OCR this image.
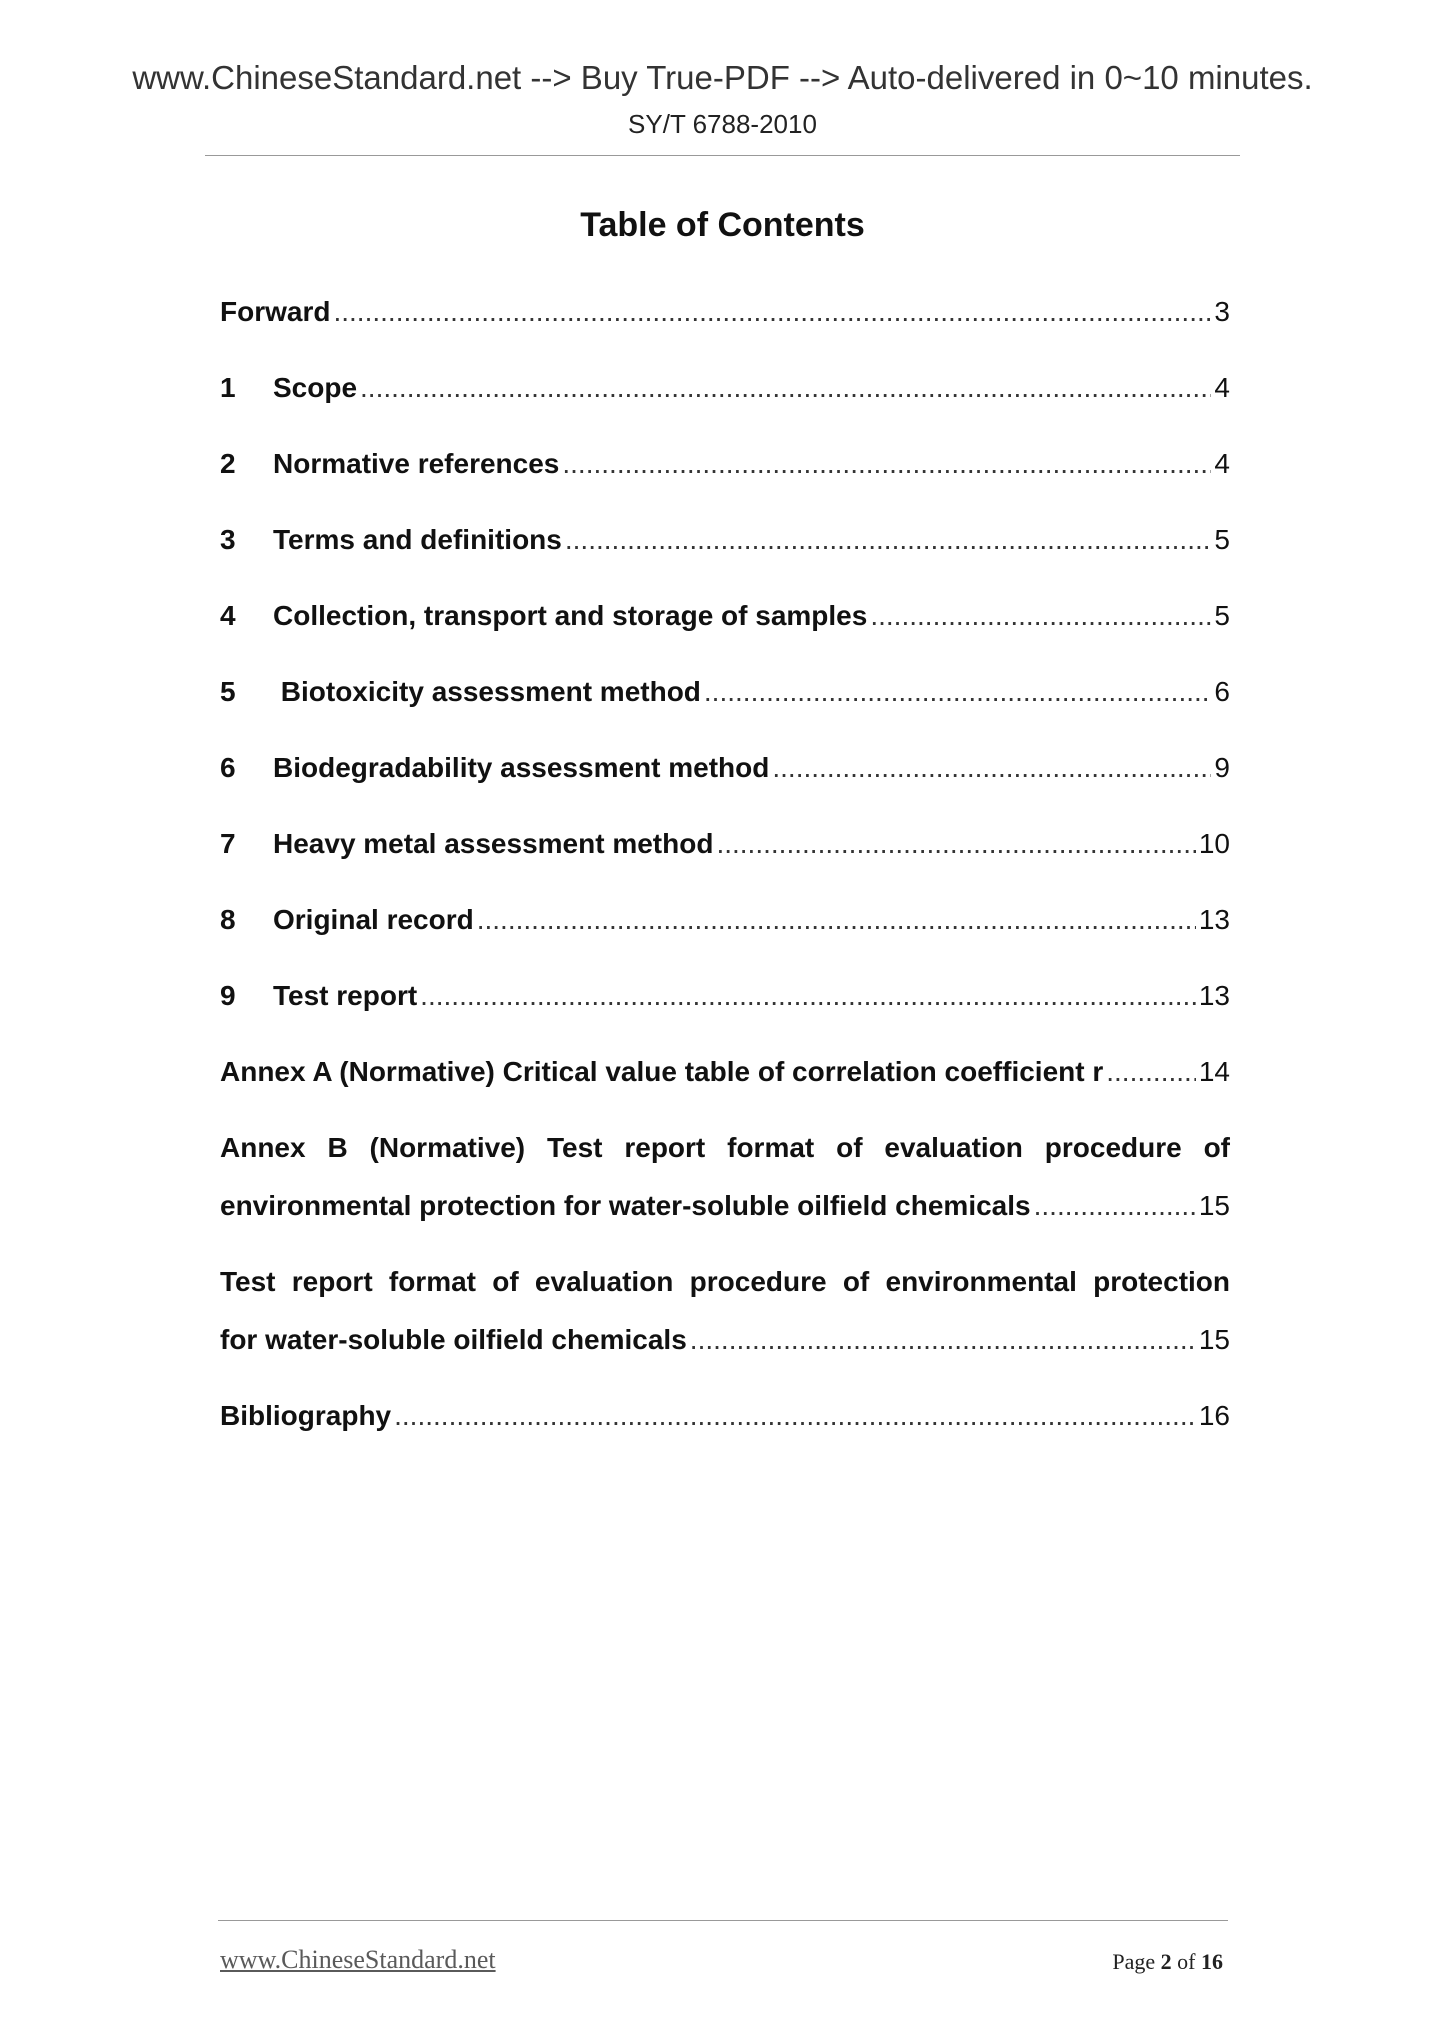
www.ChineseStandard.net --> Buy True-PDF --> Auto-delivered in 0~10 minutes.
SY/T 6788-2010
Table of Contents
Forward .....	3
1	Scope .....	4
2	Normative references .....	4
3	Terms and definitions .....	5
4	Collection, transport and storage of samples .....	5
5	Biotoxicity assessment method .....	6
6	Biodegradability assessment method .....	9
7	Heavy metal assessment method .....	10
8	Original record .....	13
9	Test report .....	13
Annex A (Normative) Critical value table of correlation coefficient r .....	14
Annex B (Normative) Test report format of evaluation procedure of
environmental protection for water-soluble oilfield chemicals .....	15
Test report format of evaluation procedure of environmental protection
for water-soluble oilfield chemicals .....	15
Bibliography .....	16
www.ChineseStandard.net	Page 2 of 16
